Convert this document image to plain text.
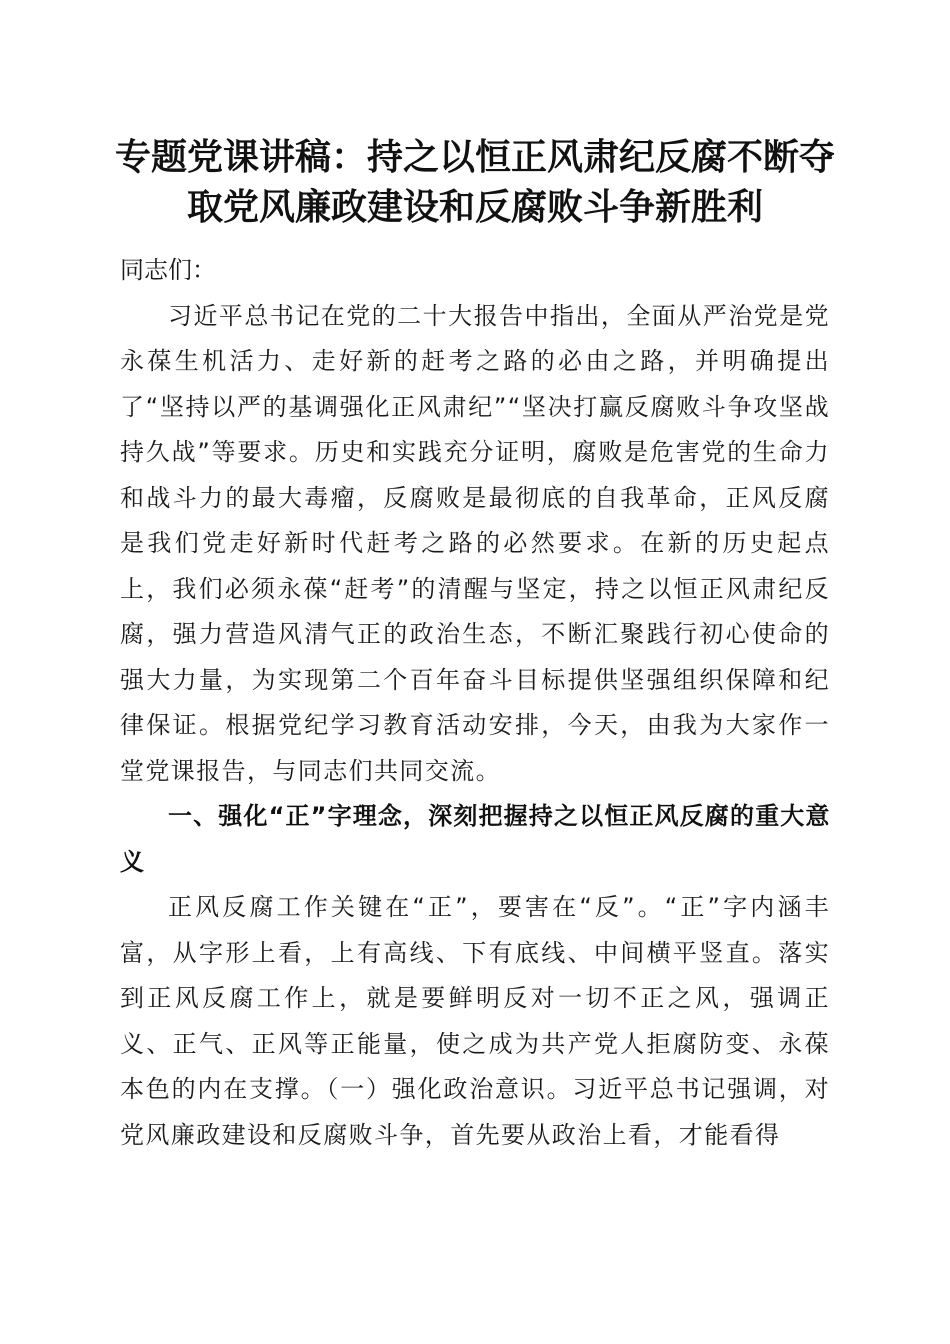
专题党课讲稿：持之以恒正风肃纪反腐不断夺
取党风廉政建设和反腐败斗争新胜利

同志们：

习近平总书记在党的二十大报告中指出，全面从严治党是党永葆生机活力、走好新的赶考之路的必由之路，并明确提出了“坚持以严的基调强化正风肃纪”“坚决打赢反腐败斗争攻坚战持久战”等要求。历史和实践充分证明，腐败是危害党的生命力和战斗力的最大毒瘤，反腐败是最彻底的自我革命，正风反腐是我们党走好新时代赶考之路的必然要求。在新的历史起点上，我们必须永葆“赶考”的清醒与坚定，持之以恒正风肃纪反腐，强力营造风清气正的政治生态，不断汇聚践行初心使命的强大力量，为实现第二个百年奋斗目标提供坚强组织保障和纪律保证。根据党纪学习教育活动安排，今天，由我为大家作一堂党课报告，与同志们共同交流。

一、强化“正”字理念，深刻把握持之以恒正风反腐的重大意义

正风反腐工作关键在“正”，要害在“反”。“正”字内涵丰富，从字形上看，上有高线、下有底线、中间横平竖直。落实到正风反腐工作上，就是要鲜明反对一切不正之风，强调正义、正气、正风等正能量，使之成为共产党人拒腐防变、永葆本色的内在支撑。（一）强化政治意识。习近平总书记强调，对党风廉政建设和反腐败斗争，首先要从政治上看，才能看得
